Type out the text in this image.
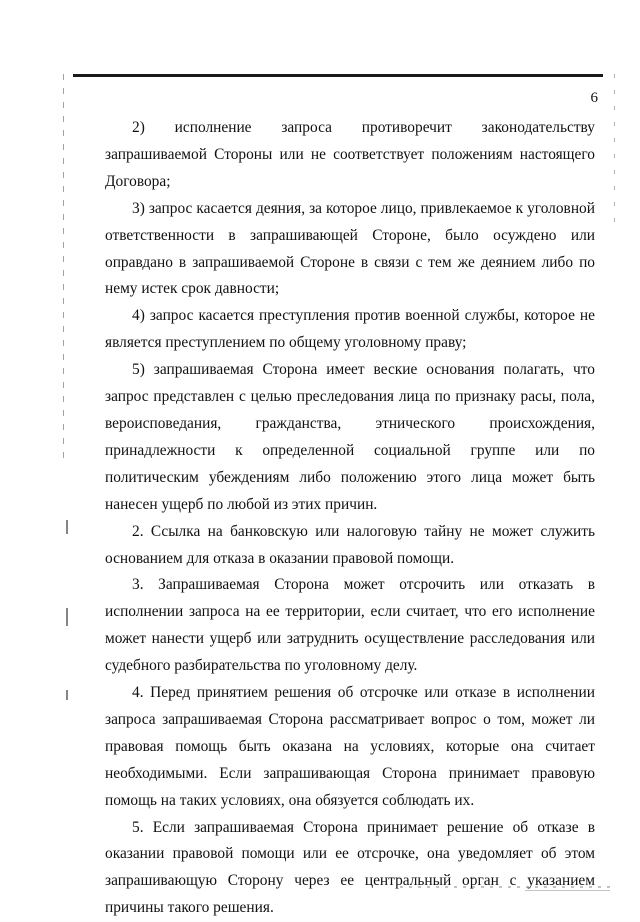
6

2) исполнение запроса противоречит законодательству запрашиваемой Стороны или не соответствует положениям настоящего Договора;

3) запрос касается деяния, за которое лицо, привлекаемое к уголовной ответственности в запрашивающей Стороне, было осуждено или оправдано в запрашиваемой Стороне в связи с тем же деянием либо по нему истек срок давности;

4) запрос касается преступления против военной службы, которое не является преступлением по общему уголовному праву;

5) запрашиваемая Сторона имеет веские основания полагать, что запрос представлен с целью преследования лица по признаку расы, пола, вероисповедания, гражданства, этнического происхождения, принадлежности к определенной социальной группе или по политическим убеждениям либо положению этого лица может быть нанесен ущерб по любой из этих причин.

2. Ссылка на банковскую или налоговую тайну не может служить основанием для отказа в оказании правовой помощи.

3. Запрашиваемая Сторона может отсрочить или отказать в исполнении запроса на ее территории, если считает, что его исполнение может нанести ущерб или затруднить осуществление расследования или судебного разбирательства по уголовному делу.

4. Перед принятием решения об отсрочке или отказе в исполнении запроса запрашиваемая Сторона рассматривает вопрос о том, может ли правовая помощь быть оказана на условиях, которые она считает необходимыми. Если запрашивающая Сторона принимает правовую помощь на таких условиях, она обязуется соблюдать их.

5. Если запрашиваемая Сторона принимает решение об отказе в оказании правовой помощи или ее отсрочке, она уведомляет об этом запрашивающую Сторону через ее центральный орган с указанием причины такого решения.
